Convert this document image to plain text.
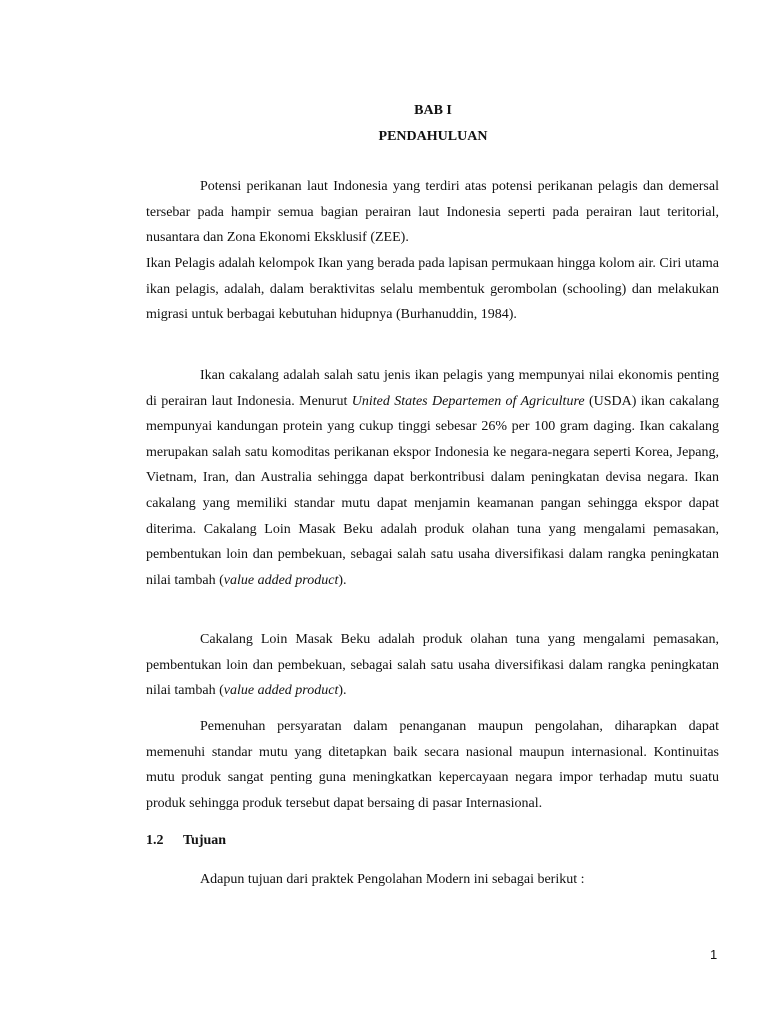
BAB I
PENDAHULUAN

Potensi perikanan laut Indonesia yang terdiri atas potensi perikanan pelagis dan demersal tersebar pada hampir semua bagian perairan laut Indonesia seperti pada perairan laut teritorial, nusantara dan Zona Ekonomi Eksklusif (ZEE).

Ikan Pelagis adalah kelompok Ikan yang berada pada lapisan permukaan hingga kolom air. Ciri utama ikan pelagis, adalah, dalam beraktivitas selalu membentuk gerombolan (schooling) dan melakukan migrasi untuk berbagai kebutuhan hidupnya (Burhanuddin, 1984).

Ikan cakalang adalah salah satu jenis ikan pelagis yang mempunyai nilai ekonomis penting di perairan laut Indonesia. Menurut United States Departemen of Agriculture (USDA) ikan cakalang mempunyai kandungan protein yang cukup tinggi sebesar 26% per 100 gram daging. Ikan cakalang merupakan salah satu komoditas perikanan ekspor Indonesia ke negara-negara seperti Korea, Jepang, Vietnam, Iran, dan Australia sehingga dapat berkontribusi dalam peningkatan devisa negara. Ikan cakalang yang memiliki standar mutu dapat menjamin keamanan pangan sehingga ekspor dapat diterima. Cakalang Loin Masak Beku adalah produk olahan tuna yang mengalami pemasakan, pembentukan loin dan pembekuan, sebagai salah satu usaha diversifikasi dalam rangka peningkatan nilai tambah (value added product).

Cakalang Loin Masak Beku adalah produk olahan tuna yang mengalami pemasakan, pembentukan loin dan pembekuan, sebagai salah satu usaha diversifikasi dalam rangka peningkatan nilai tambah (value added product).

Pemenuhan persyaratan dalam penanganan maupun pengolahan, diharapkan dapat memenuhi standar mutu yang ditetapkan baik secara nasional maupun internasional. Kontinuitas mutu produk sangat penting guna meningkatkan kepercayaan negara impor terhadap mutu suatu produk sehingga produk tersebut dapat bersaing di pasar Internasional.

1.2 Tujuan

Adapun tujuan dari praktek Pengolahan Modern ini sebagai berikut :

1
